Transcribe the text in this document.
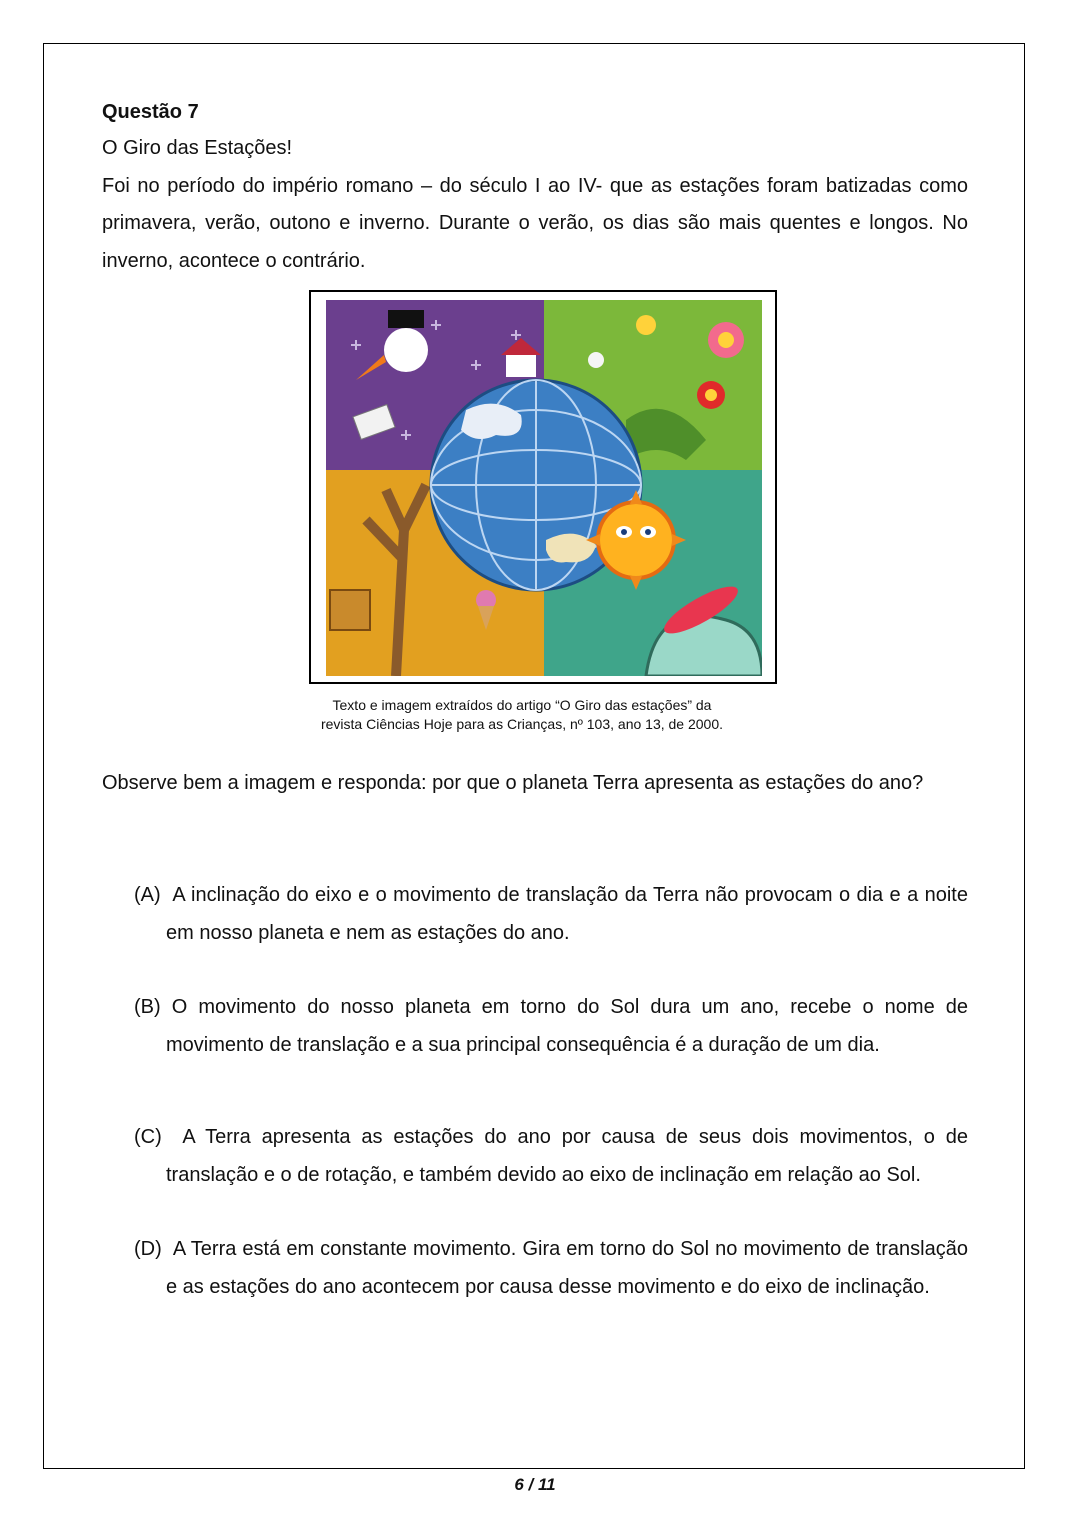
Questão 7

O Giro das Estações!

Foi no período do império romano – do século I ao IV- que as estações foram batizadas como primavera, verão, outono e inverno. Durante o verão, os dias são mais quentes e longos. No inverno, acontece o contrário.

Texto e imagem extraídos do artigo “O Giro das estações” da
revista Ciências Hoje para as Crianças, nº 103, ano 13, de 2000.

Observe bem a imagem e responda: por que o planeta Terra apresenta as estações do ano?

(A) A inclinação do eixo e o movimento de translação da Terra não provocam o dia e a noite em nosso planeta e nem as estações do ano.
(B) O movimento do nosso planeta em torno do Sol dura um ano, recebe o nome de movimento de translação e a sua principal consequência é a duração de um dia.
(C) A Terra apresenta as estações do ano por causa de seus dois movimentos, o de translação e o de rotação, e também devido ao eixo de inclinação em relação ao Sol.
(D) A Terra está em constante movimento. Gira em torno do Sol no movimento de translação e as estações do ano acontecem por causa desse movimento e do eixo de inclinação.
6 / 11
